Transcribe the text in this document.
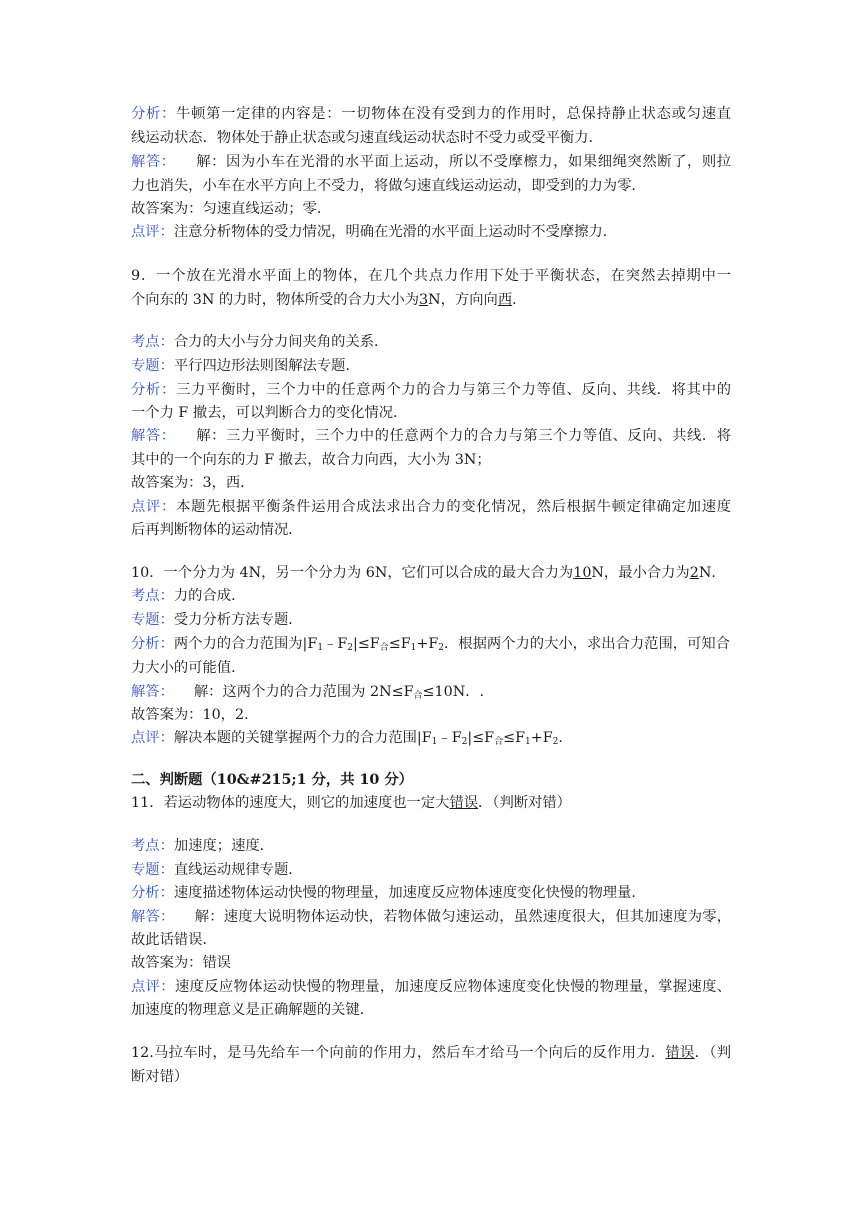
分析：牛顿第一定律的内容是：一切物体在没有受到力的作用时，总保持静止状态或匀速直
线运动状态．物体处于静止状态或匀速直线运动状态时不受力或受平衡力．
解答： 解：因为小车在光滑的水平面上运动，所以不受摩檫力，如果细绳突然断了，则拉
力也消失，小车在水平方向上不受力，将做匀速直线运动运动，即受到的力为零．
故答案为：匀速直线运动；零．
点评：注意分析物体的受力情况，明确在光滑的水平面上运动时不受摩擦力．
9．一个放在光滑水平面上的物体，在几个共点力作用下处于平衡状态，在突然去掉期中一
个向东的 3N 的力时，物体所受的合力大小为3N，方向向西．
考点：合力的大小与分力间夹角的关系．
专题：平行四边形法则图解法专题．
分析：三力平衡时，三个力中的任意两个力的合力与第三个力等值、反向、共线．将其中的
一个力 F 撤去，可以判断合力的变化情况．
解答： 解：三力平衡时，三个力中的任意两个力的合力与第三个力等值、反向、共线．将
其中的一个向东的力 F 撤去，故合力向西，大小为 3N；
故答案为：3，西．
点评：本题先根据平衡条件运用合成法求出合力的变化情况，然后根据牛顿定律确定加速度
后再判断物体的运动情况．
10．一个分力为 4N，另一个分力为 6N，它们可以合成的最大合力为10N，最小合力为2N．
考点：力的合成．
专题：受力分析方法专题．
分析：两个力的合力范围为$|F_1﹣F_2|\le F_合\le F_1+F_2$．根据两个力的大小，求出合力范围，可知合
力大小的可能值．
解答： 解：这两个力的合力范围为 $2N\le F_合\le 10N$．.
故答案为：10，2．
点评：解决本题的关键掌握两个力的合力范围$|F_1﹣F_2|\le F_合\le F_1+F_2$．
二、判断题（10&#215;1 分，共 10 分）
11．若运动物体的速度大，则它的加速度也一定大错误．（判断对错）
考点：加速度；速度．
专题：直线运动规律专题．
分析：速度描述物体运动快慢的物理量，加速度反应物体速度变化快慢的物理量．
解答： 解：速度大说明物体运动快，若物体做匀速运动，虽然速度很大，但其加速度为零，
故此话错误．
故答案为：错误
点评：速度反应物体运动快慢的物理量，加速度反应物体速度变化快慢的物理量，掌握速度、
加速度的物理意义是正确解题的关键．
12.马拉车时，是马先给车一个向前的作用力，然后车才给马一个向后的反作用力．错误．（判
断对错）
